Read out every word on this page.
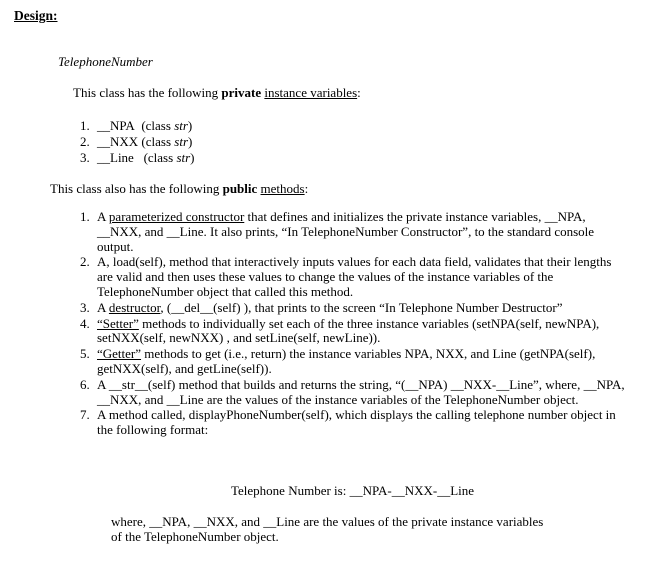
Design:
TelephoneNumber
This class has the following private instance variables:
1. __NPA (class str)
2. __NXX (class str)
3. __Line (class str)
This class also has the following public methods:
1. A parameterized constructor that defines and initializes the private instance variables, __NPA, __NXX, and __Line. It also prints, “In TelephoneNumber Constructor”, to the standard console output.
2. A, load(self), method that interactively inputs values for each data field, validates that their lengths are valid and then uses these values to change the values of the instance variables of the TelephoneNumber object that called this method.
3. A destructor, (__del__(self) ), that prints to the screen “In Telephone Number Destructor”
4. “Setter” methods to individually set each of the three instance variables (setNPA(self, newNPA), setNXX(self, newNXX) , and setLine(self, newLine)).
5. “Getter” methods to get (i.e., return) the instance variables NPA, NXX, and Line (getNPA(self), getNXX(self), and getLine(self)).
6. A __str__(self) method that builds and returns the string, “(__NPA) __NXX-__Line”, where, __NPA, __NXX, and __Line are the values of the instance variables of the TelephoneNumber object.
7. A method called, displayPhoneNumber(self), which displays the calling telephone number object in the following format:
Telephone Number is: __NPA-__NXX-__Line
where, __NPA, __NXX, and __Line are the values of the private instance variables
of the TelephoneNumber object.
